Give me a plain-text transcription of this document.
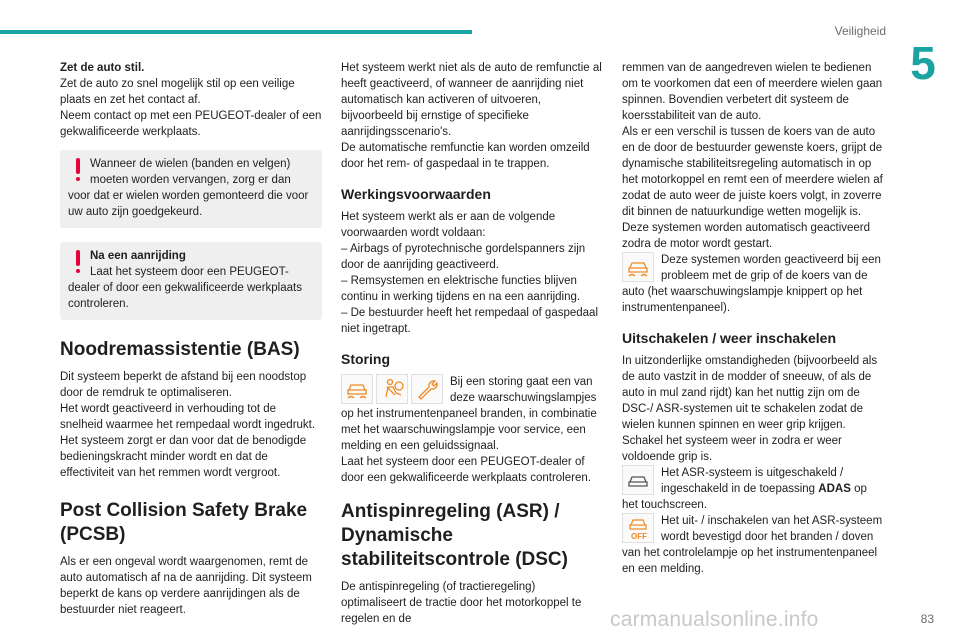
Veiligheid
5

Zet de auto stil.
Zet de auto zo snel mogelijk stil op een veilige plaats en zet het contact af.
Neem contact op met een PEUGEOT-dealer of een gekwalificeerde werkplaats.

Wanneer de wielen (banden en velgen) moeten worden vervangen, zorg er dan voor dat er wielen worden gemonteerd die voor uw auto zijn goedgekeurd.
Na een aanrijding
Laat het systeem door een PEUGEOT-dealer of door een gekwalificeerde werkplaats controleren.
Noodremassistentie (BAS)

Dit systeem beperkt de afstand bij een noodstop door de remdruk te optimaliseren.
Het wordt geactiveerd in verhouding tot de snelheid waarmee het rempedaal wordt ingedrukt. Het systeem zorgt er dan voor dat de benodigde bedieningskracht minder wordt en dat de effectiviteit van het remmen wordt vergroot.

Post Collision Safety Brake (PCSB)

Als er een ongeval wordt waargenomen, remt de auto automatisch af na de aanrijding. Dit systeem beperkt de kans op verdere aanrijdingen als de bestuurder niet reageert.

Het systeem werkt niet als de auto de remfunctie al heeft geactiveerd, of wanneer de aanrijding niet automatisch kan activeren of uitvoeren, bijvoorbeeld bij ernstige of specifieke aanrijdingsscenario's.
De automatische remfunctie kan worden omzeild door het rem- of gaspedaal in te trappen.

Werkingsvoorwaarden

Het systeem werkt als er aan de volgende voorwaarden wordt voldaan:
– Airbags of pyrotechnische gordelspanners zijn door de aanrijding geactiveerd.
– Remsystemen en elektrische functies blijven continu in werking tijdens en na een aanrijding.
– De bestuurder heeft het rempedaal of gaspedaal niet ingetrapt.

Storing

Bij een storing gaat een van deze waarschuwingslampjes op het instrumentenpaneel branden, in combinatie met het waarschuwingslampje voor service, een melding en een geluidssignaal.
Laat het systeem door een PEUGEOT-dealer of door een gekwalificeerde werkplaats controleren.

Antispinregeling (ASR) / Dynamische stabiliteitscontrole (DSC)

De antispinregeling (of tractieregeling) optimaliseert de tractie door het motorkoppel te regelen en de

remmen van de aangedreven wielen te bedienen om te voorkomen dat een of meerdere wielen gaan spinnen. Bovendien verbetert dit systeem de koersstabiliteit van de auto.
Als er een verschil is tussen de koers van de auto en de door de bestuurder gewenste koers, grijpt de dynamische stabiliteitsregeling automatisch in op het motorkoppel en remt een of meerdere wielen af zodat de auto weer de juiste koers volgt, in zoverre dit binnen de natuurkundige wetten mogelijk is.
Deze systemen worden automatisch geactiveerd zodra de motor wordt gestart.

Deze systemen worden geactiveerd bij een probleem met de grip of de koers van de auto (het waarschuwingslampje knippert op het instrumentenpaneel).

Uitschakelen / weer inschakelen

In uitzonderlijke omstandigheden (bijvoorbeeld als de auto vastzit in de modder of sneeuw, of als de auto in mul zand rijdt) kan het nuttig zijn om de DSC-/ ASR-systemen uit te schakelen zodat de wielen kunnen spinnen en weer grip krijgen.
Schakel het systeem weer in zodra er weer voldoende grip is.

Het ASR-systeem is uitgeschakeld / ingeschakeld in de toepassing ADAS op het touchscreen.

OFF

Het uit- / inschakelen van het ASR-systeem wordt bevestigd door het branden / doven van het controlelampje op het instrumentenpaneel en een melding.

carmanualsonline.info	83
